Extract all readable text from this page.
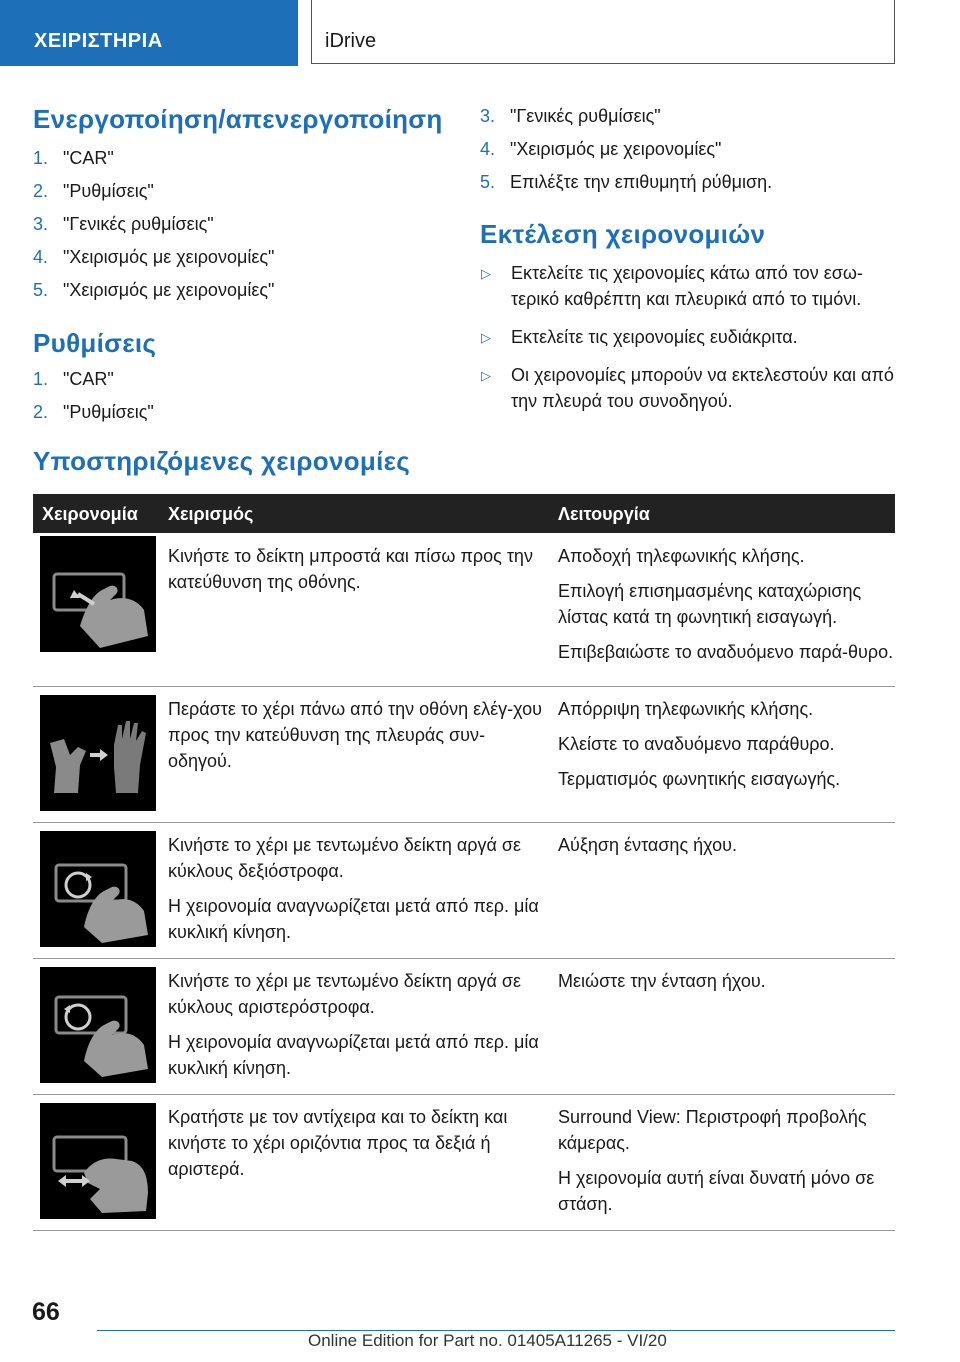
ΧΕΙΡΙΣΤΗΡΙΑ	iDrive
Ενεργοποίηση/απενεργοποίηση
1. "CAR"
2. "Ρυθμίσεις"
3. "Γενικές ρυθμίσεις"
4. "Χειρισμός με χειρονομίες"
5. "Χειρισμός με χειρονομίες"
Ρυθμίσεις
1. "CAR"
2. "Ρυθμίσεις"
3. "Γενικές ρυθμίσεις"
4. "Χειρισμός με χειρονομίες"
5. Επιλέξτε την επιθυμητή ρύθμιση.
Εκτέλεση χειρονομιών
▷ Εκτελείτε τις χειρονομίες κάτω από τον εσω‐τερικό καθρέπτη και πλευρικά από το τιμόνι.
▷ Εκτελείτε τις χειρονομίες ευδιάκριτα.
▷ Οι χειρονομίες μπορούν να εκτελεστούν και από την πλευρά του συνοδηγού.
Υποστηριζόμενες χειρονομίες
Χειρονομία Χειρισμός	Λειτουργία

Κινήστε το δείκτη μπροστά και πίσω προς την κατεύθυνση της οθόνης.

Αποδοχή τηλεφωνικής κλήσης.

Επιλογή επισημασμένης καταχώρισης λίστας κατά τη φωνητική εισαγωγή.

Επιβεβαιώστε το αναδυόμενο παρά‐θυρο.

Περάστε το χέρι πάνω από την οθόνη ελέγ‐χου προς την κατεύθυνση της πλευράς συν‐οδηγού.

Απόρριψη τηλεφωνικής κλήσης.

Κλείστε το αναδυόμενο παράθυρο.

Τερματισμός φωνητικής εισαγωγής.

Κινήστε το χέρι με τεντωμένο δείκτη αργά σε κύκλους δεξιόστροφα.

Η χειρονομία αναγνωρίζεται μετά από περ. μία κυκλική κίνηση.

Αύξηση έντασης ήχου.

Κινήστε το χέρι με τεντωμένο δείκτη αργά σε κύκλους αριστερόστροφα.

Η χειρονομία αναγνωρίζεται μετά από περ. μία κυκλική κίνηση.

Μειώστε την ένταση ήχου.

Κρατήστε με τον αντίχειρα και το δείκτη και κινήστε το χέρι οριζόντια προς τα δεξιά ή αριστερά.

Surround View: Περιστροφή προβολής κάμερας.

Η χειρονομία αυτή είναι δυνατή μόνο σε στάση.

66
Online Edition for Part no. 01405A11265 - VI/20
